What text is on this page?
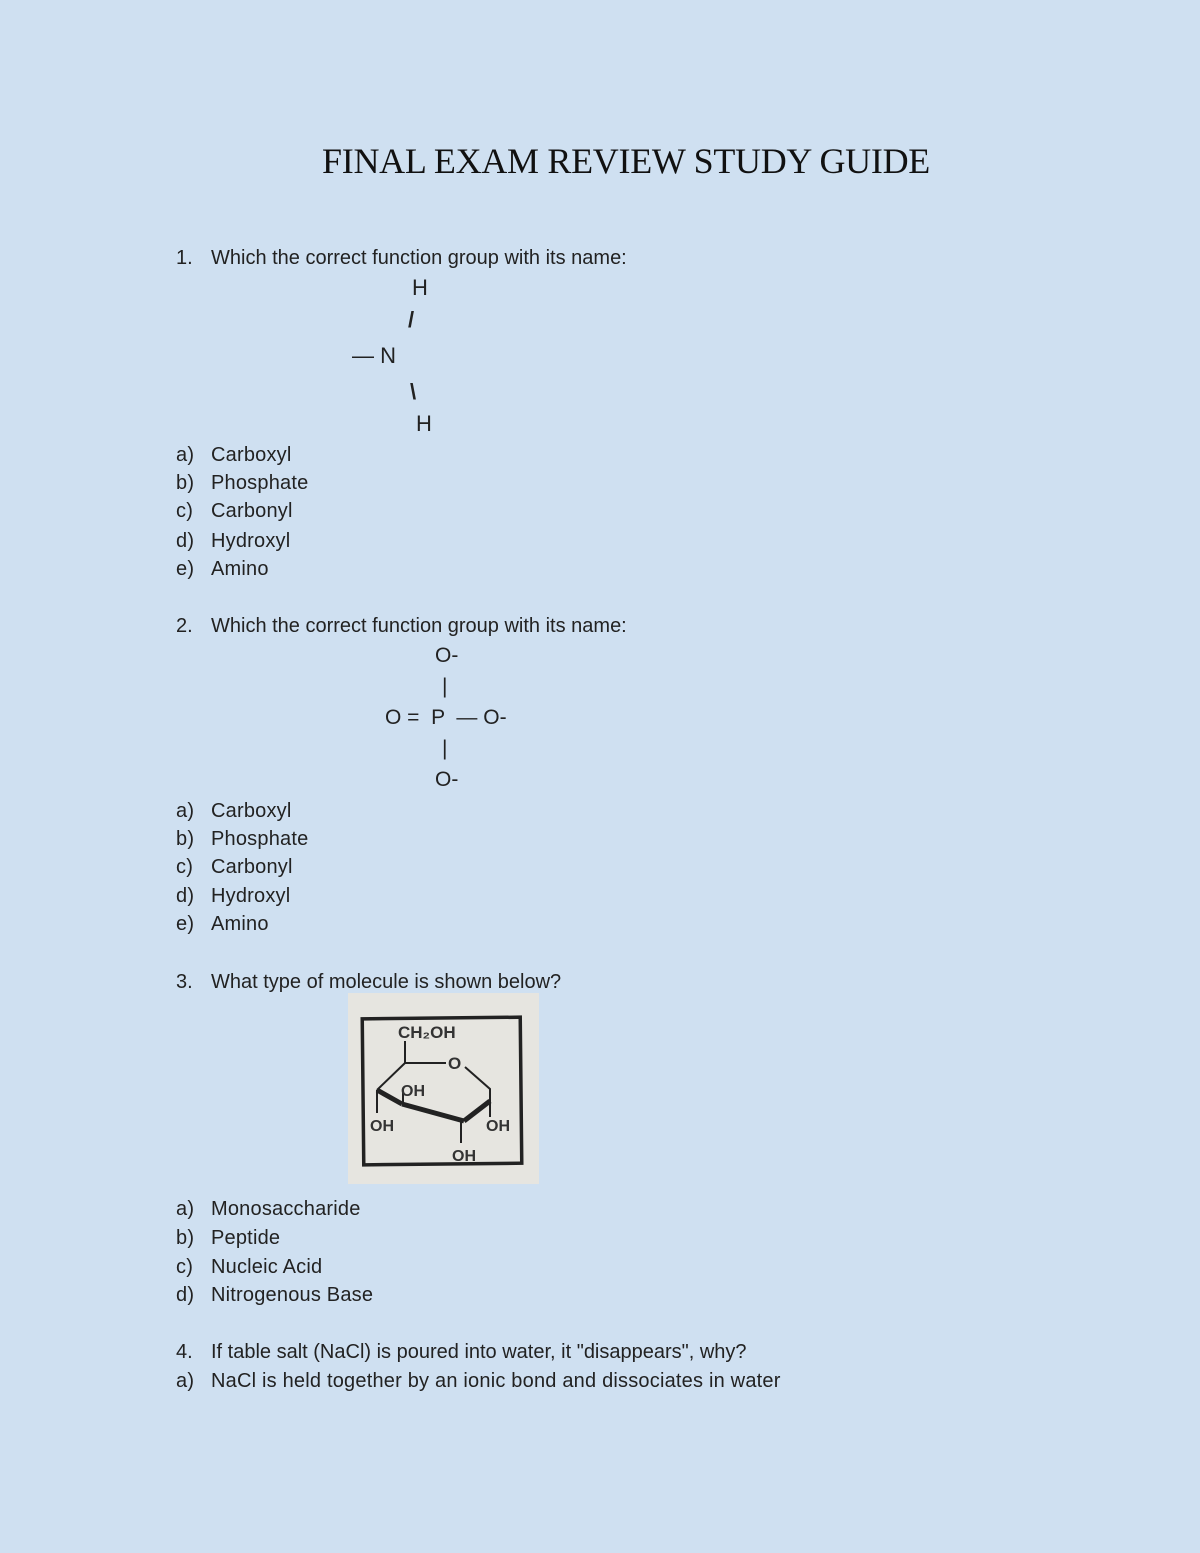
FINAL EXAM REVIEW STUDY GUIDE
1. Which the correct function group with its name:
H
/
— N
\
H
a) Carboxyl
b) Phosphate
c) Carbonyl
d) Hydroxyl
e) Amino
2. Which the correct function group with its name:
O-
|
O =  P  — O-
|
O-
a) Carboxyl
b) Phosphate
c) Carbonyl
d) Hydroxyl
e) Amino
3. What type of molecule is shown below?
CH₂OH
O
OH
OH	OH
OH
a) Monosaccharide
b) Peptide
c) Nucleic Acid
d) Nitrogenous Base
4. If table salt (NaCl) is poured into water, it "disappears", why?
a) NaCl is held together by an ionic bond and dissociates in water
